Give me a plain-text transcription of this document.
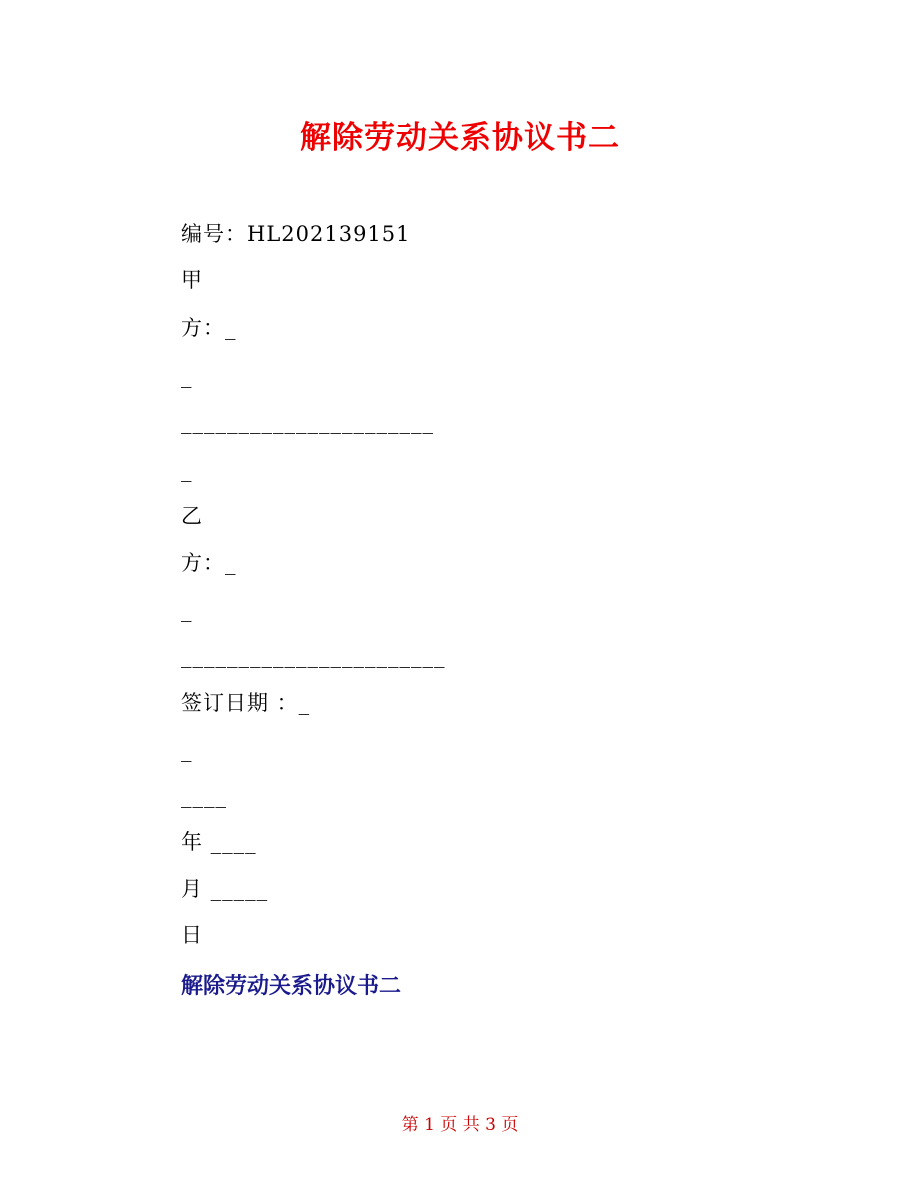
解除劳动关系协议书二
编号：HL202139151
甲
方：_
_
______________________
_
乙
方：_
_
_______________________
签订日期 ：_
_
____
年 ____
月 _____
日
解除劳动关系协议书二
第 1 页 共 3 页
